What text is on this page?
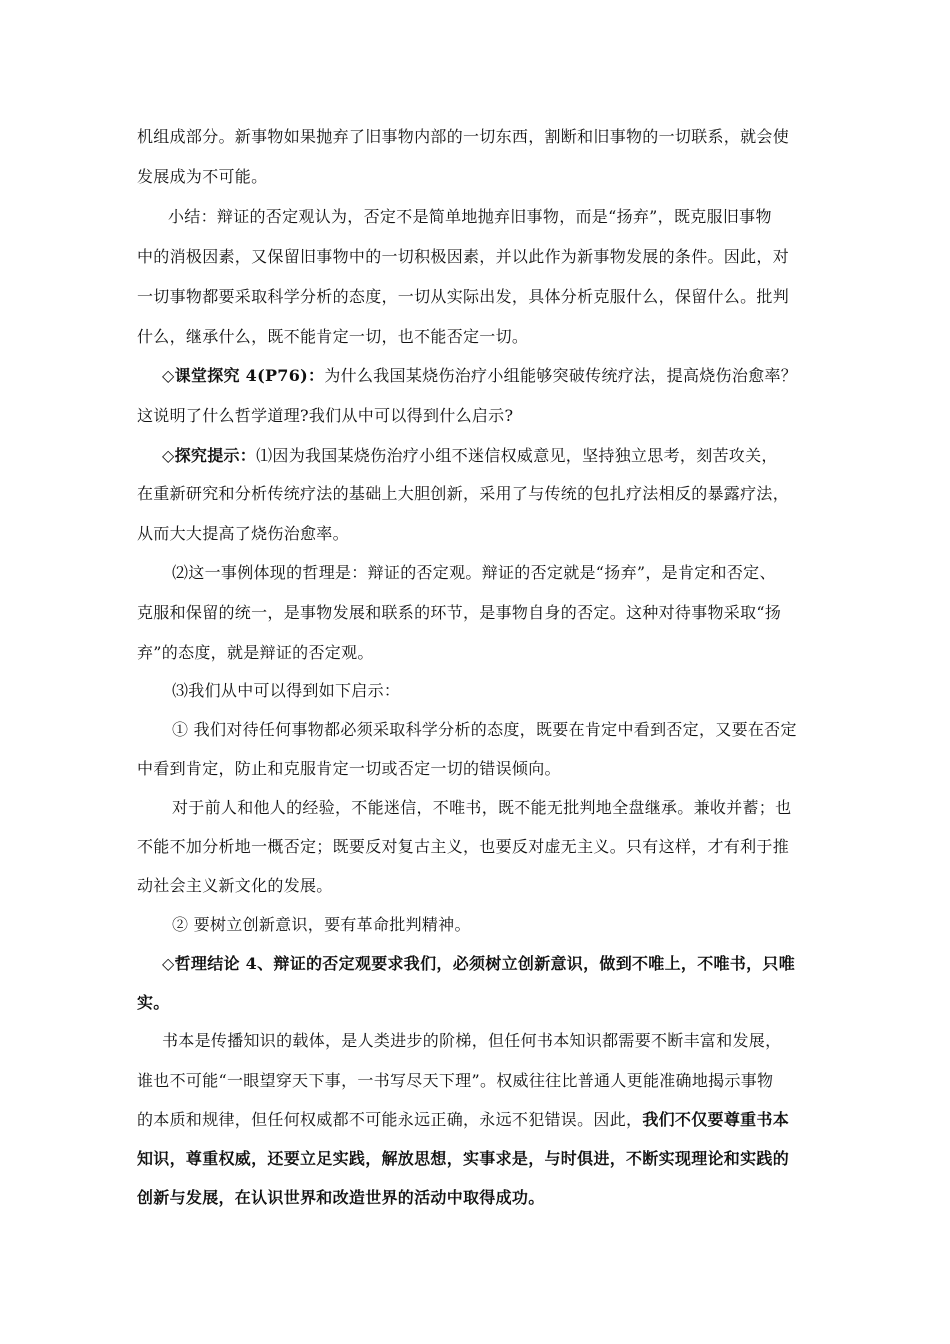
机组成部分。新事物如果抛弃了旧事物内部的一切东西，割断和旧事物的一切联系，就会使
发展成为不可能。
小结：辩证的否定观认为，否定不是简单地抛弃旧事物，而是“扬弃”，既克服旧事物
中的消极因素，又保留旧事物中的一切积极因素，并以此作为新事物发展的条件。因此，对
一切事物都要采取科学分析的态度，一切从实际出发，具体分析克服什么，保留什么。批判
什么，继承什么，既不能肯定一切，也不能否定一切。
◇课堂探究 4(P76)：为什么我国某烧伤治疗小组能够突破传统疗法，提高烧伤治愈率？
这说明了什么哲学道理?我们从中可以得到什么启示?
◇探究提示：⑴因为我国某烧伤治疗小组不迷信权威意见，坚持独立思考，刻苦攻关，
在重新研究和分析传统疗法的基础上大胆创新，采用了与传统的包扎疗法相反的暴露疗法，
从而大大提高了烧伤治愈率。
⑵这一事例体现的哲理是：辩证的否定观。辩证的否定就是“扬弃”，是肯定和否定、
克服和保留的统一，是事物发展和联系的环节，是事物自身的否定。这种对待事物采取“扬
弃”的态度，就是辩证的否定观。
⑶我们从中可以得到如下启示：
① 我们对待任何事物都必须采取科学分析的态度，既要在肯定中看到否定，又要在否定
中看到肯定，防止和克服肯定一切或否定一切的错误倾向。
对于前人和他人的经验，不能迷信，不唯书，既不能无批判地全盘继承。兼收并蓄；也
不能不加分析地一概否定；既要反对复古主义，也要反对虚无主义。只有这样，才有利于推
动社会主义新文化的发展。
② 要树立创新意识，要有革命批判精神。
◇哲理结论 4、辩证的否定观要求我们，必须树立创新意识，做到不唯上，不唯书，只唯
实。
书本是传播知识的载体，是人类进步的阶梯，但任何书本知识都需要不断丰富和发展，
谁也不可能“一眼望穿天下事，一书写尽天下理”。权威往往比普通人更能准确地揭示事物
的本质和规律，但任何权威都不可能永远正确，永远不犯错误。因此，我们不仅要尊重书本
知识，尊重权威，还要立足实践，解放思想，实事求是，与时俱进，不断实现理论和实践的
创新与发展，在认识世界和改造世界的活动中取得成功。
